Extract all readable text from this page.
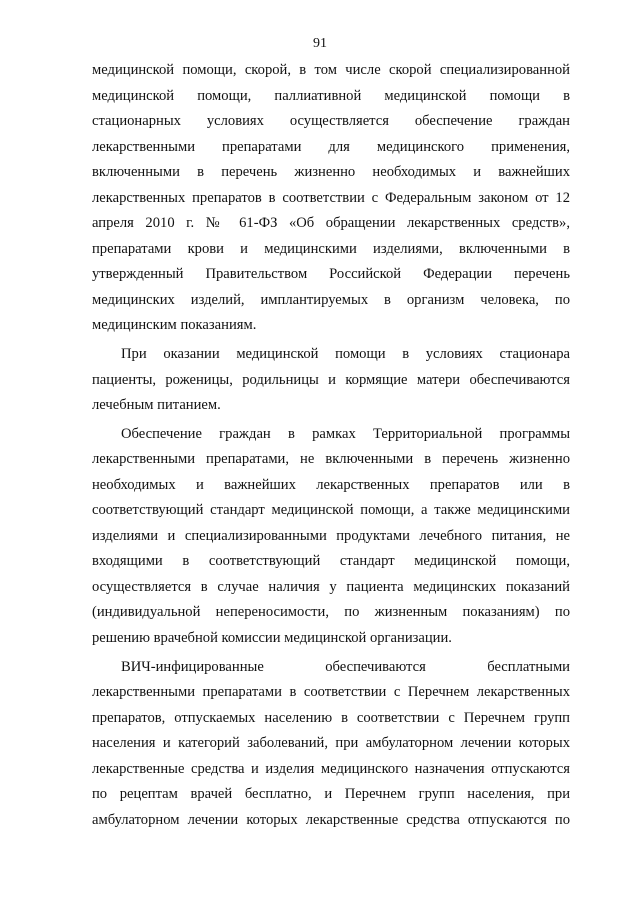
91
медицинской помощи, скорой, в том числе скорой специализированной
медицинской помощи, паллиативной медицинской помощи в
стационарных условиях осуществляется обеспечение граждан
лекарственными препаратами для медицинского применения,
включенными в перечень жизненно необходимых и важнейших
лекарственных препаратов в соответствии с Федеральным законом от 12
апреля 2010 г. № 61-ФЗ «Об обращении лекарственных средств»,
препаратами крови и медицинскими изделиями, включенными в
утвержденный Правительством Российской Федерации перечень
медицинских изделий, имплантируемых в организм человека, по
медицинским показаниям.
При оказании медицинской помощи в условиях стационара
пациенты, роженицы, родильницы и кормящие матери обеспечиваются
лечебным питанием.
Обеспечение граждан в рамках Территориальной программы
лекарственными препаратами, не включенными в перечень жизненно
необходимых и важнейших лекарственных препаратов или в
соответствующий стандарт медицинской помощи, а также медицинскими
изделиями и специализированными продуктами лечебного питания, не
входящими в соответствующий стандарт медицинской помощи,
осуществляется в случае наличия у пациента медицинских показаний
(индивидуальной непереносимости, по жизненным показаниям) по
решению врачебной комиссии медицинской организации.
ВИЧ-инфицированные обеспечиваются бесплатными
лекарственными препаратами в соответствии с Перечнем лекарственных
препаратов, отпускаемых населению в соответствии с Перечнем групп
населения и категорий заболеваний, при амбулаторном лечении которых
лекарственные средства и изделия медицинского назначения отпускаются
по рецептам врачей бесплатно, и Перечнем групп населения, при
амбулаторном лечении которых лекарственные средства отпускаются по
